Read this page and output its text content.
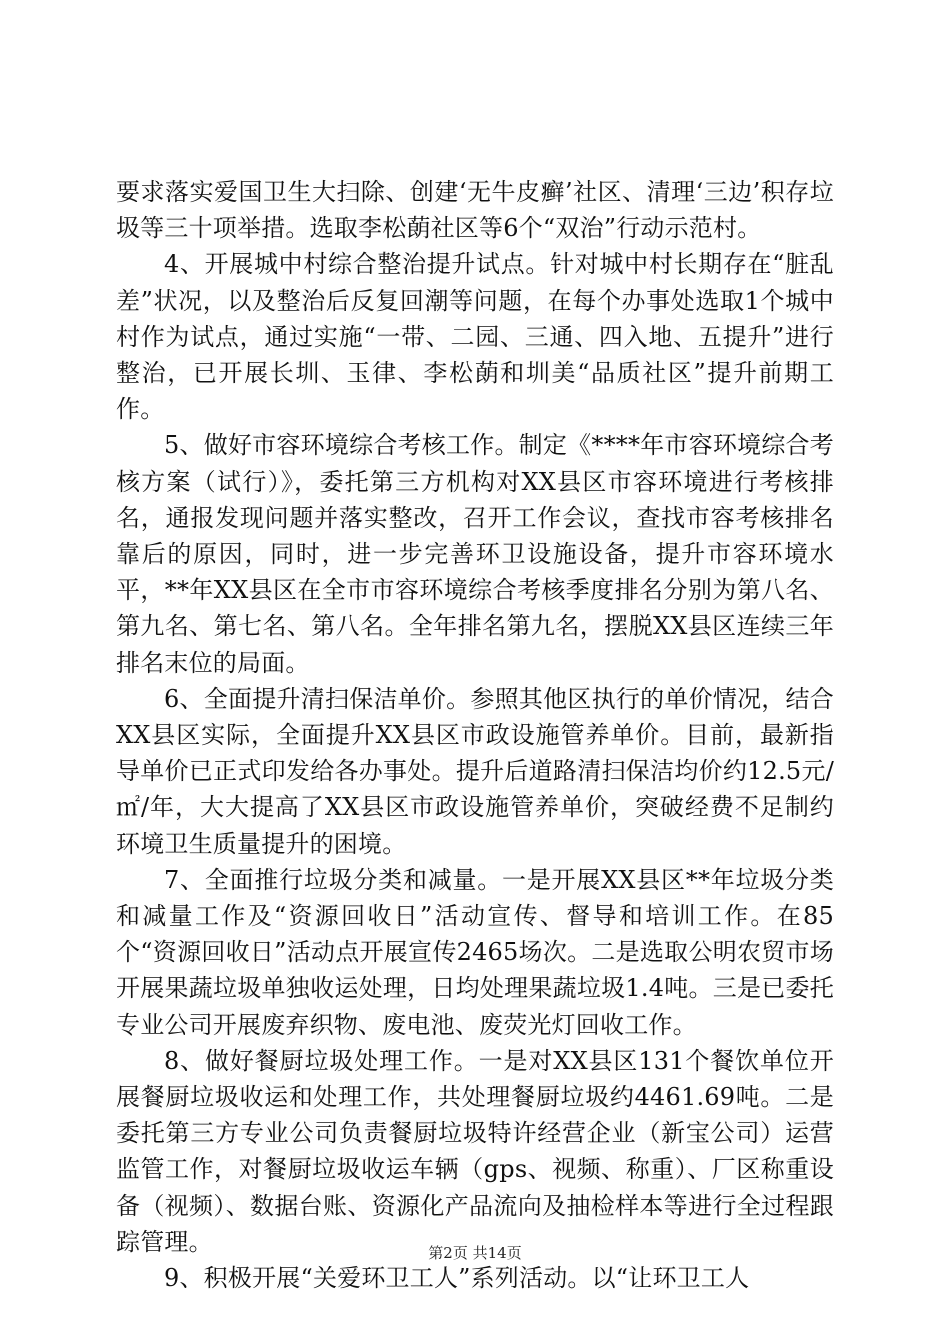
要求落实爱国卫生大扫除、创建‘无牛皮癣’社区、清理‘三边’积存垃圾等三十项举措。选取李松蓢社区等6个“双治”行动示范村。

4、开展城中村综合整治提升试点。针对城中村长期存在“脏乱差”状况，以及整治后反复回潮等问题，在每个办事处选取1个城中村作为试点，通过实施“一带、二园、三通、四入地、五提升”进行整治，已开展长圳、玉律、李松蓢和圳美“品质社区”提升前期工作。

5、做好市容环境综合考核工作。制定《****年市容环境综合考核方案（试行）》，委托第三方机构对XX县区市容环境进行考核排名，通报发现问题并落实整改，召开工作会议，查找市容考核排名靠后的原因，同时，进一步完善环卫设施设备，提升市容环境水平，**年XX县区在全市市容环境综合考核季度排名分别为第八名、第九名、第七名、第八名。全年排名第九名，摆脱XX县区连续三年排名末位的局面。

6、全面提升清扫保洁单价。参照其他区执行的单价情况，结合XX县区实际，全面提升XX县区市政设施管养单价。目前，最新指导单价已正式印发给各办事处。提升后道路清扫保洁均价约12.5元/㎡/年，大大提高了XX县区市政设施管养单价，突破经费不足制约环境卫生质量提升的困境。

7、全面推行垃圾分类和减量。一是开展XX县区**年垃圾分类和减量工作及“资源回收日”活动宣传、督导和培训工作。在85个“资源回收日”活动点开展宣传2465场次。二是选取公明农贸市场开展果蔬垃圾单独收运处理，日均处理果蔬垃圾1.4吨。三是已委托专业公司开展废弃织物、废电池、废荧光灯回收工作。

8、做好餐厨垃圾处理工作。一是对XX县区131个餐饮单位开展餐厨垃圾收运和处理工作，共处理餐厨垃圾约4461.69吨。二是委托第三方专业公司负责餐厨垃圾特许经营企业（新宝公司）运营监管工作，对餐厨垃圾收运车辆（gps、视频、称重）、厂区称重设备（视频）、数据台账、资源化产品流向及抽检样本等进行全过程跟踪管理。

9、积极开展“关爱环卫工人”系列活动。以“让环卫工人

第2页 共14页
